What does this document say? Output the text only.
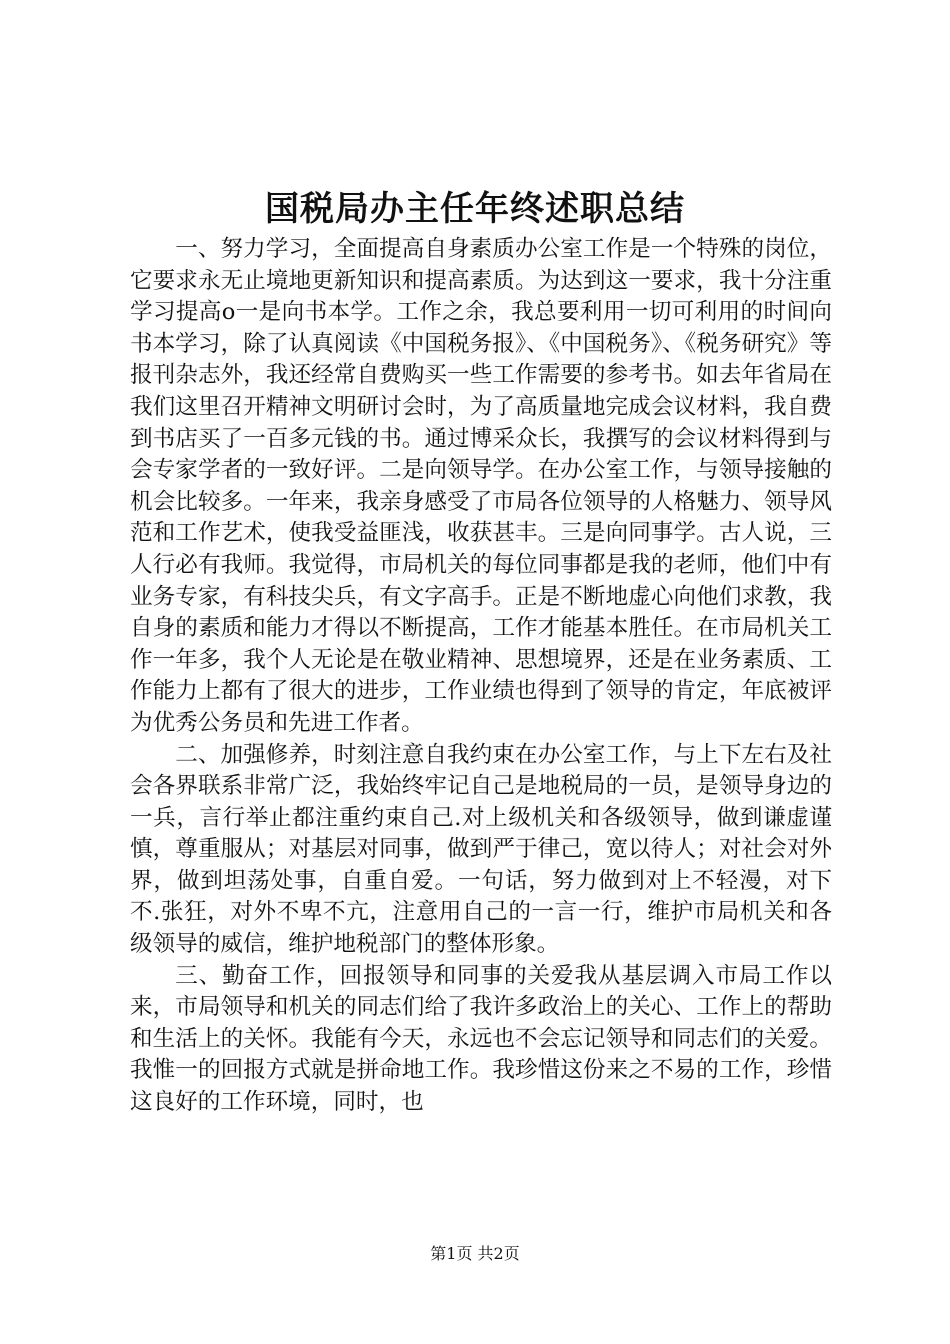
国税局办主任年终述职总结

一、努力学习，全面提高自身素质办公室工作是一个特殊的岗位，它要求永无止境地更新知识和提高素质。为达到这一要求，我十分注重学习提高o一是向书本学。工作之余，我总要利用一切可利用的时间向书本学习，除了认真阅读《中国税务报》、《中国税务》、《税务研究》等报刊杂志外，我还经常自费购买一些工作需要的参考书。如去年省局在我们这里召开精神文明研讨会时，为了高质量地完成会议材料，我自费到书店买了一百多元钱的书。通过博采众长，我撰写的会议材料得到与会专家学者的一致好评。二是向领导学。在办公室工作，与领导接触的机会比较多。一年来，我亲身感受了市局各位领导的人格魅力、领导风范和工作艺术，使我受益匪浅，收获甚丰。三是向同事学。古人说，三人行必有我师。我觉得，市局机关的每位同事都是我的老师，他们中有业务专家，有科技尖兵，有文字高手。正是不断地虚心向他们求教，我自身的素质和能力才得以不断提高，工作才能基本胜任。在市局机关工作一年多，我个人无论是在敬业精神、思想境界，还是在业务素质、工作能力上都有了很大的进步，工作业绩也得到了领导的肯定，年底被评为优秀公务员和先进工作者。

二、加强修养，时刻注意自我约束在办公室工作，与上下左右及社会各界联系非常广泛，我始终牢记自己是地税局的一员，是领导身边的一兵，言行举止都注重约束自己.对上级机关和各级领导，做到谦虚谨慎，尊重服从；对基层对同事，做到严于律己，宽以待人；对社会对外界，做到坦荡处事，自重自爱。一句话，努力做到对上不轻漫，对下不.张狂，对外不卑不亢，注意用自己的一言一行，维护市局机关和各级领导的威信，维护地税部门的整体形象。

三、勤奋工作，回报领导和同事的关爱我从基层调入市局工作以来，市局领导和机关的同志们给了我许多政治上的关心、工作上的帮助和生活上的关怀。我能有今天，永远也不会忘记领导和同志们的关爱。我惟一的回报方式就是拼命地工作。我珍惜这份来之不易的工作，珍惜这良好的工作环境，同时，也

第1页 共2页
